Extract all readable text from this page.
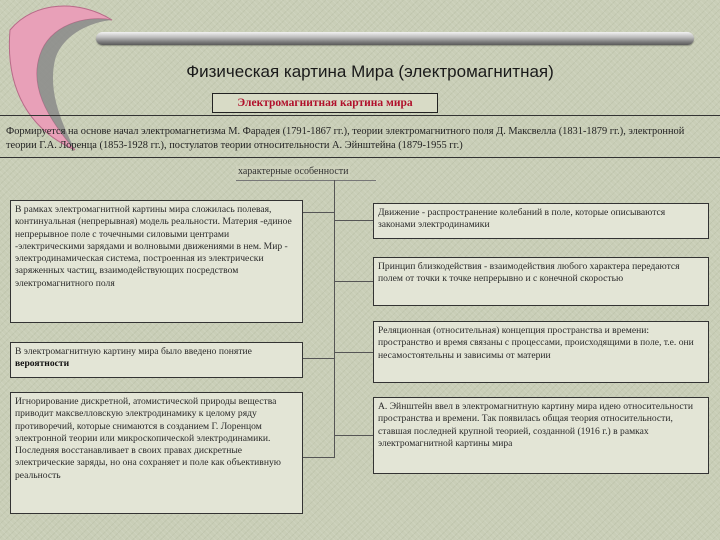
Физическая картина Мира (электромагнитная)
Электромагнитная картина мира
Формируется на основе начал электромагнетизма М. Фарадея (1791-1867 гг.), теории электромагнитного поля Д. Максвелла (1831-1879 гг.), электронной теории Г.А. Лоренца (1853-1928 гг.), постулатов теории относительности А. Эйнштейна (1879-1955 гг.)
характерные особенности
В рамках электромагнитной картины мира сложилась полевая, континуальная (непрерывная) модель реальности. Материя -единое непрерывное поле с точечными силовыми центрами -электрическими зарядами и волновыми движениями в нем. Мир - электродинамическая система, построенная из электрически заряженных частиц, взаимодействующих посредством электромагнитного поля
В электромагнитную картину мира было введено понятие вероятности
Игнорирование дискретной, атомистической природы вещества приводит максвелловскую электродинамику к целому ряду противоречий, которые снимаются в созданием Г. Лоренцом электронной теории или микроскопической электродинамики. Последняя восстанавливает в своих правах дискретные электрические заряды, но она сохраняет и поле как объективную реальность
Движение - распространение колебаний в поле, которые описываются законами электродинамики
Принцип близкодействия - взаимодействия любого характера передаются полем от точки к точке непрерывно и с конечной скоростью
Реляционная (относительная) концепция пространства и времени: пространство и время связаны с процессами, происходящими в поле, т.е. они несамостоятельны и зависимы от материи
А. Эйнштейн ввел в электромагнитную картину мира идею относительности пространства и времени. Так появилась общая теория относительности, ставшая последней крупной теорией, созданной (1916 г.) в рамках электромагнитной картины мира
